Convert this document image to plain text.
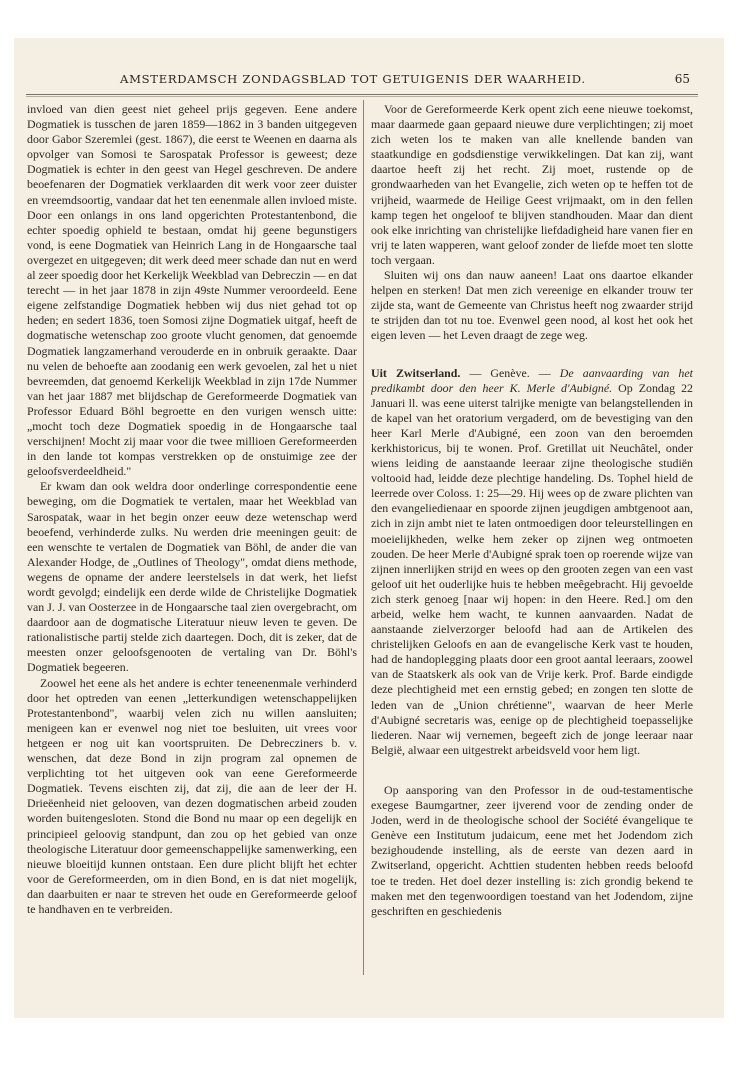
AMSTERDAMSCH ZONDAGSBLAD TOT GETUIGENIS DER WAARHEID.	65

invloed van dien geest niet geheel prijs gegeven. Eene andere Dogmatiek is tusschen de jaren 1859—1862 in 3 banden uitgegeven door Gabor Szeremlei (gest. 1867), die eerst te Weenen en daarna als opvolger van Somosi te Sarospatak Professor is geweest; deze Dogmatiek is echter in den geest van Hegel geschreven. De andere beoefenaren der Dogmatiek verklaarden dit werk voor zeer duister en vreemdsoortig, vandaar dat het ten eenenmale allen invloed miste. Door een onlangs in ons land opgerichten Protestantenbond, die echter spoedig ophield te bestaan, omdat hij geene begunstigers vond, is eene Dogmatiek van Heinrich Lang in de Hongaarsche taal overgezet en uitgegeven; dit werk deed meer schade dan nut en werd al zeer spoedig door het Kerkelijk Weekblad van Debreczin — en dat terecht — in het jaar 1878 in zijn 49ste Nummer veroordeeld. Eene eigene zelfstandige Dogmatiek hebben wij dus niet gehad tot op heden; en sedert 1836, toen Somosi zijne Dogmatiek uitgaf, heeft de dogmatische wetenschap zoo groote vlucht genomen, dat genoemde Dogmatiek langzamerhand verouderde en in onbruik geraakte. Daar nu velen de behoefte aan zoodanig een werk gevoelen, zal het u niet bevreemden, dat genoemd Kerkelijk Weekblad in zijn 17de Nummer van het jaar 1887 met blijdschap de Gereformeerde Dogmatiek van Professor Eduard Böhl begroette en den vurigen wensch uitte: „mocht toch deze Dogmatiek spoedig in de Hongaarsche taal verschijnen! Mocht zij maar voor die twee millioen Gereformeerden in den lande tot kompas verstrekken op de onstuimige zee der geloofsverdeeldheid."

Er kwam dan ook weldra door onderlinge correspondentie eene beweging, om die Dogmatiek te vertalen, maar het Weekblad van Sarospatak, waar in het begin onzer eeuw deze wetenschap werd beoefend, verhinderde zulks. Nu werden drie meeningen geuit: de een wenschte te vertalen de Dogmatiek van Böhl, de ander die van Alexander Hodge, de „Outlines of Theology", omdat diens methode, wegens de opname der andere leerstelsels in dat werk, het liefst wordt gevolgd; eindelijk een derde wilde de Christelijke Dogmatiek van J. J. van Oosterzee in de Hongaarsche taal zien overgebracht, om daardoor aan de dogmatische Literatuur nieuw leven te geven. De rationalistische partij stelde zich daartegen. Doch, dit is zeker, dat de meesten onzer geloofsgenooten de vertaling van Dr. Böhl's Dogmatiek begeeren.

Zoowel het eene als het andere is echter teneenenmale verhinderd door het optreden van eenen „letterkundigen wetenschappelijken Protestantenbond", waarbij velen zich nu willen aansluiten; menigeen kan er evenwel nog niet toe besluiten, uit vrees voor hetgeen er nog uit kan voortspruiten. De Debrecziners b. v. wenschen, dat deze Bond in zijn program zal opnemen de verplichting tot het uitgeven ook van eene Gereformeerde Dogmatiek. Tevens eischten zij, dat zij, die aan de leer der H. Drieëenheid niet gelooven, van dezen dogmatischen arbeid zouden worden buitengesloten. Stond die Bond nu maar op een degelijk en principieel geloovig standpunt, dan zou op het gebied van onze theologische Literatuur door gemeenschappelijke samenwerking, een nieuwe bloeitijd kunnen ontstaan. Een dure plicht blijft het echter voor de Gereformeerden, om in dien Bond, en is dat niet mogelijk, dan daarbuiten er naar te streven het oude en Gereformeerde geloof te handhaven en te verbreiden.

Voor de Gereformeerde Kerk opent zich eene nieuwe toekomst, maar daarmede gaan gepaard nieuwe dure verplichtingen; zij moet zich weten los te maken van alle knellende banden van staatkundige en godsdienstige verwikkelingen. Dat kan zij, want daartoe heeft zij het recht. Zij moet, rustende op de grondwaarheden van het Evangelie, zich weten op te heffen tot de vrijheid, waarmede de Heilige Geest vrijmaakt, om in den fellen kamp tegen het ongeloof te blijven standhouden. Maar dan dient ook elke inrichting van christelijke liefdadigheid hare vanen fier en vrij te laten wapperen, want geloof zonder de liefde moet ten slotte toch vergaan.

Sluiten wij ons dan nauw aaneen! Laat ons daartoe elkander helpen en sterken! Dat men zich vereenige en elkander trouw ter zijde sta, want de Gemeente van Christus heeft nog zwaarder strijd te strijden dan tot nu toe. Evenwel geen nood, al kost het ook het eigen leven — het Leven draagt de zege weg.

Uit Zwitserland. — Genève. — De aanvaarding van het predikambt door den heer K. Merle d'Aubigné. Op Zondag 22 Januari ll. was eene uiterst talrijke menigte van belangstellenden in de kapel van het oratorium vergaderd, om de bevestiging van den heer Karl Merle d'Aubigné, een zoon van den beroemden kerkhistoricus, bij te wonen. Prof. Gretillat uit Neuchâtel, onder wiens leiding de aanstaande leeraar zijne theologische studiën voltooid had, leidde deze plechtige handeling. Ds. Tophel hield de leerrede over Coloss. 1: 25—29. Hij wees op de zware plichten van den evangeliedienaar en spoorde zijnen jeugdigen ambtgenoot aan, zich in zijn ambt niet te laten ontmoedigen door teleurstellingen en moeielijkheden, welke hem zeker op zijnen weg ontmoeten zouden. De heer Merle d'Aubigné sprak toen op roerende wijze van zijnen innerlijken strijd en wees op den grooten zegen van een vast geloof uit het ouderlijke huis te hebben meêgebracht. Hij gevoelde zich sterk genoeg [naar wij hopen: in den Heere. Red.] om den arbeid, welke hem wacht, te kunnen aanvaarden. Nadat de aanstaande zielverzorger beloofd had aan de Artikelen des christelijken Geloofs en aan de evangelische Kerk vast te houden, had de handoplegging plaats door een groot aantal leeraars, zoowel van de Staatskerk als ook van de Vrije kerk. Prof. Barde eindigde deze plechtigheid met een ernstig gebed; en zongen ten slotte de leden van de „Union chrétienne", waarvan de heer Merle d'Aubigné secretaris was, eenige op de plechtigheid toepasselijke liederen. Naar wij vernemen, begeeft zich de jonge leeraar naar België, alwaar een uitgestrekt arbeidsveld voor hem ligt.

Op aansporing van den Professor in de oud-testamentische exegese Baumgartner, zeer ijverend voor de zending onder de Joden, werd in de theologische school der Société évangelique te Genève een Institutum judaicum, eene met het Jodendom zich bezighoudende instelling, als de eerste van dezen aard in Zwitserland, opgericht. Achttien studenten hebben reeds beloofd toe te treden. Het doel dezer instelling is: zich grondig bekend te maken met den tegenwoordigen toestand van het Jodendom, zijne geschriften en geschiedenis
